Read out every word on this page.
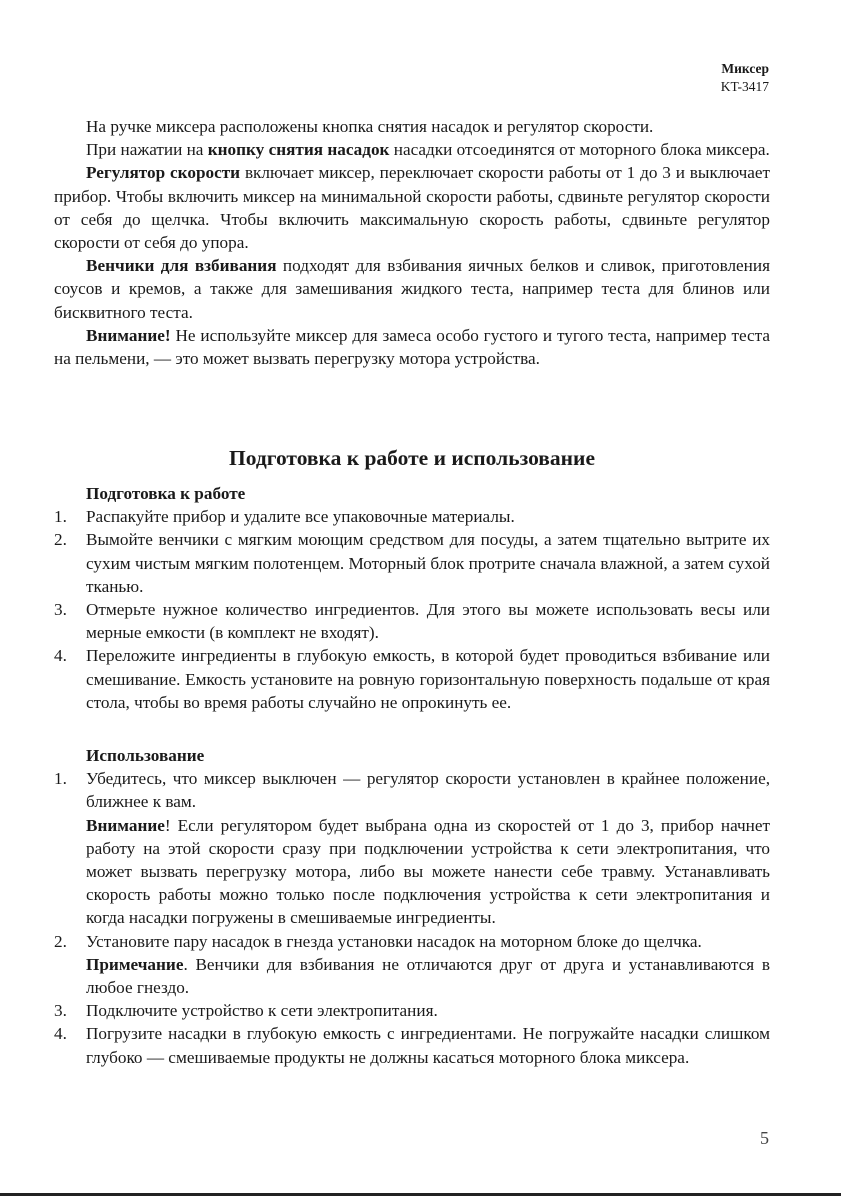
Миксер
KT-3417

На ручке миксера расположены кнопка снятия насадок и регулятор скорости.

При нажатии на кнопку снятия насадок насадки отсоединятся от моторного блока миксера.

Регулятор скорости включает миксер, переключает скорости работы от 1 до 3 и выключает прибор. Чтобы включить миксер на минимальной скорости работы, сдвиньте регулятор скорости от себя до щелчка. Чтобы включить максимальную скорость работы, сдвиньте регулятор скорости от себя до упора.

Венчики для взбивания подходят для взбивания яичных белков и сливок, приготовления соусов и кремов, а также для замешивания жидкого теста, например теста для блинов или бисквитного теста.

Внимание! Не используйте миксер для замеса особо густого и тугого теста, например теста на пельмени, — это может вызвать перегрузку мотора устройства.

Подготовка к работе и использование
Подготовка к работе
1. Распакуйте прибор и удалите все упаковочные материалы.
2. Вымойте венчики с мягким моющим средством для посуды, а затем тщательно вытрите их сухим чистым мягким полотенцем. Моторный блок протрите сначала влажной, а затем сухой тканью.
3. Отмерьте нужное количество ингредиентов. Для этого вы можете использовать весы или мерные емкости (в комплект не входят).
4. Переложите ингредиенты в глубокую емкость, в которой будет проводиться взбивание или смешивание. Емкость установите на ровную горизонтальную поверхность подальше от края стола, чтобы во время работы случайно не опрокинуть ее.
Использование
1. Убедитесь, что миксер выключен — регулятор скорости установлен в крайнее положение, ближнее к вам.

Внимание! Если регулятором будет выбрана одна из скоростей от 1 до 3, прибор начнет работу на этой скорости сразу при подключении устройства к сети электропитания, что может вызвать перегрузку мотора, либо вы можете нанести себе травму. Устанавливать скорость работы можно только после подключения устройства к сети электропитания и когда насадки погружены в смешиваемые ингредиенты.

2. Установите пару насадок в гнезда установки насадок на моторном блоке до щелчка.

Примечание. Венчики для взбивания не отличаются друг от друга и устанавливаются в любое гнездо.

3. Подключите устройство к сети электропитания.
4. Погрузите насадки в глубокую емкость с ингредиентами. Не погружайте насадки слишком глубоко — смешиваемые продукты не должны касаться моторного блока миксера.
5
